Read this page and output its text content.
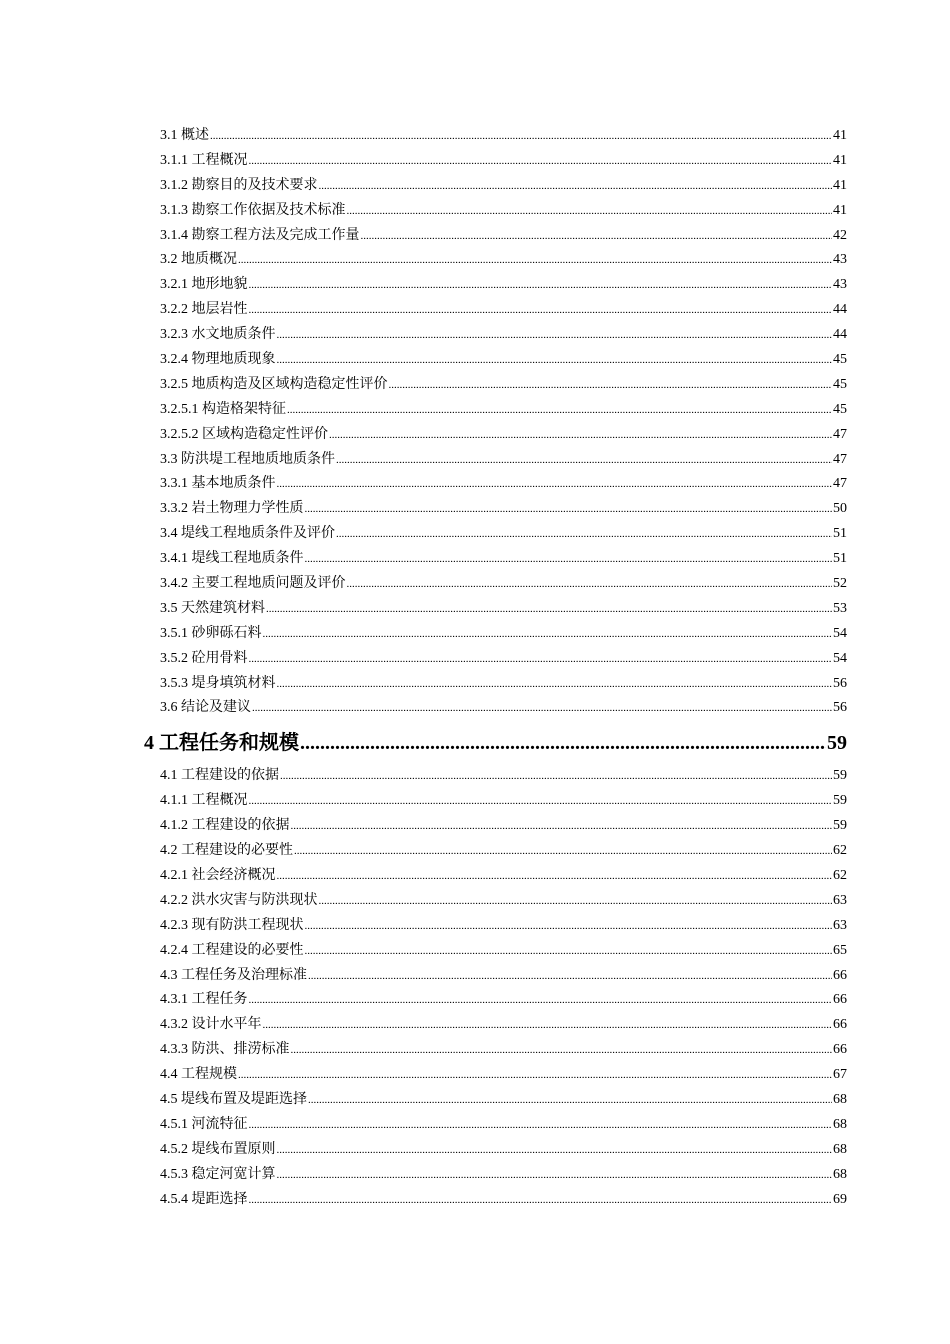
3.1 概述 .....	41
3.1.1 工程概况 .....	41
3.1.2 勘察目的及技术要求 .....	41
3.1.3 勘察工作依据及技术标准 .....	41
3.1.4 勘察工程方法及完成工作量 .....	42
3.2 地质概况 .....	43
3.2.1 地形地貌 .....	43
3.2.2 地层岩性 .....	44
3.2.3 水文地质条件 .....	44
3.2.4 物理地质现象 .....	45
3.2.5 地质构造及区域构造稳定性评价 .....	45
3.2.5.1 构造格架特征 .....	45
3.2.5.2 区域构造稳定性评价 .....	47
3.3 防洪堤工程地质地质条件 .....	47
3.3.1 基本地质条件 .....	47
3.3.2 岩土物理力学性质 .....	50
3.4 堤线工程地质条件及评价 .....	51
3.4.1 堤线工程地质条件 .....	51
3.4.2 主要工程地质问题及评价 .....	52
3.5 天然建筑材料 .....	53
3.5.1 砂卵砾石料 .....	54
3.5.2 砼用骨料 .....	54
3.5.3 堤身填筑材料 .....	56
3.6 结论及建议 .....	56
4 工程任务和规模 .....	59
4.1 工程建设的依据 .....	59
4.1.1 工程概况 .....	59
4.1.2 工程建设的依据 .....	59
4.2 工程建设的必要性 .....	62
4.2.1 社会经济概况 .....	62
4.2.2 洪水灾害与防洪现状 .....	63
4.2.3 现有防洪工程现状 .....	63
4.2.4 工程建设的必要性 .....	65
4.3 工程任务及治理标准 .....	66
4.3.1 工程任务 .....	66
4.3.2 设计水平年 .....	66
4.3.3 防洪、排涝标准 .....	66
4.4 工程规模 .....	67
4.5 堤线布置及堤距选择 .....	68
4.5.1 河流特征 .....	68
4.5.2 堤线布置原则 .....	68
4.5.3 稳定河宽计算 .....	68
4.5.4 堤距选择 .....	69
